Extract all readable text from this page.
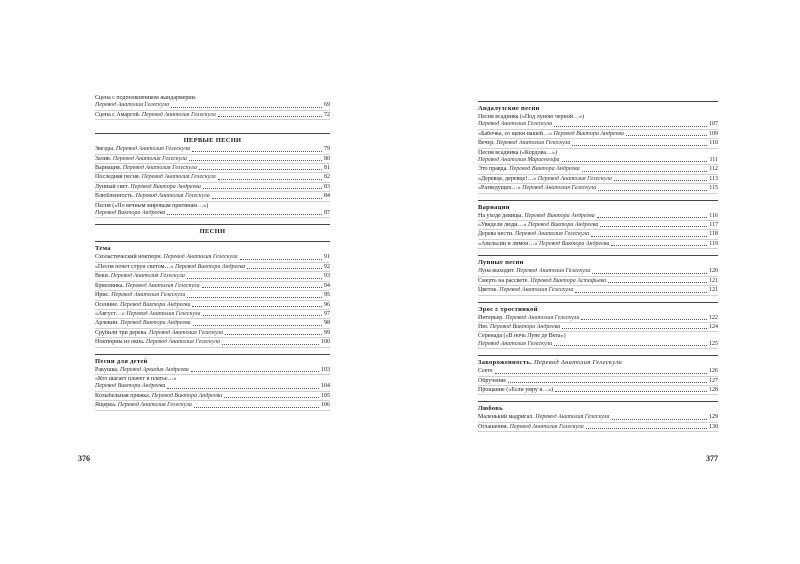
Сцена с подполковником жандармерии.
Перевод Анатолия Гелескула	69
Сцена с Амаргой. Перевод Анатолия Гелескула	72
ПЕРВЫЕ ПЕСНИ
Звезды. Перевод Анатолия Гелескула	79
Залив. Перевод Анатолия Гелескула	80
Вариация. Перевод Анатолия Гелескула	81
Последняя песня. Перевод Анатолия Гелескула	82
Лунный свет. Перевод Виктора Андреева	83
Влюбленность. Перевод Анатолия Гелескула	84
Песня («По вечным мировым притинам…»)
Перевод Виктора Андреева	87
ПЕСНИ
Тема
Схоластический ноктюрн. Перевод Анатолия Гелескула	91
«Песня почет струн светом…» Перевод Виктора Андреева	92
Веки. Перевод Анатолия Гелескула	93
Бриолинка. Перевод Анатолия Гелескула	94
Ирис. Перевод Анатолия Гелескула	95
Осенние. Перевод Виктора Андреева	96
«Август…» Перевод Анатолия Гелескула	97
Арлекин. Перевод Виктора Андреева	98
Срубили три дерева. Перевод Анатолия Гелескула	99
Ноктюрны из окна. Перевод Анатолия Гелескула	100
Песни для детей
Ракушка. Перевод Аркадия Андреева	103
«Кто шагает плачет в платье…»
Перевод Виктора Андреева	104
Колыбельная пряжка. Перевод Виктора Андреева	105
Ящерка. Перевод Анатолия Гелескула	106
Андалузские песни
Песня всадника («Под луною черной…»)
Перевод Анатолия Гелескула	107
«Бабочка, со щеки нашей…» Перевод Виктора Андреева	109
Вечер. Перевод Анатолия Гелескула	110
Песня всадника («Кордова…»)
Перевод Анатолия Мариенгофа	111
Это правда. Перевод Виктора Андреева	112
«Деревце, деревце!…» Перевод Анатолия Гелескула	113
«Разведущих…» Перевод Анатолия Гелескула	115
Вариации
На уходе девицы. Перевод Виктора Андреева	116
«Увидели люди…» Перевод Виктора Андреева	117
Дерева нести. Перевод Анатолия Гелескула	118
«Апельсин и лимон…» Перевод Виктора Андреева	119
Лунные песни
Луна выходит. Перевод Анатолия Гелескула	120
Смерть на рассвете. Перевод Виктора Астафьева	121
Цветок. Перевод Анатолия Гелескула	121
Эрос с тростинкой
Интерьер. Перевод Анатолия Гелескула	122
Ню. Перевод Виктора Андреева	124
Серенада («В ночь Луне де Вега»)
Перевод Анатолия Гелескула	125
Завороженность. Перевод Анатолия Гелескула
Сеете	126
Обручение	127
Прощание («Если умру я…»)	128
Любовь
Маленький мадригал. Перевод Анатолия Гелескула	129
Оглашения. Перевод Анатолия Гелескула	130
376	377
